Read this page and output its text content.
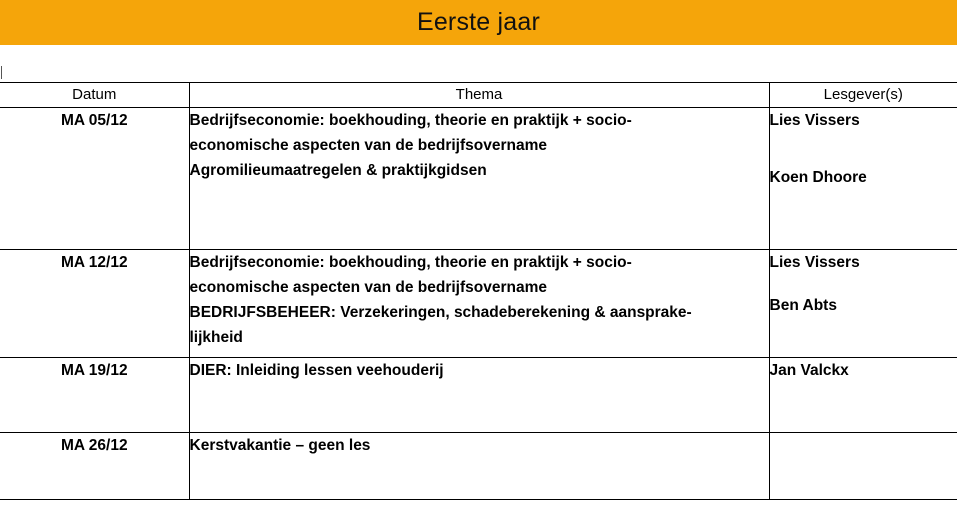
Eerste jaar
Datum	Thema	Lesgever(s)
MA 05/12	Bedrijfseconomie: boekhouding, theorie en praktijk + socio-
economische aspecten van de bedrijfsovername
Agromilieumaatregelen & praktijkgidsen	Lies Vissers
Koen Dhoore

MA 12/12	Bedrijfseconomie: boekhouding, theorie en praktijk + socio-
economische aspecten van de bedrijfsovername
BEDRIJFSBEHEER: Verzekeringen, schadeberekening & aansprake-
lijkheid	Lies Vissers
Ben Abts

MA 19/12	DIER: Inleiding lessen veehouderij	Jan Valckx

MA 26/12	Kerstvakantie – geen les	
